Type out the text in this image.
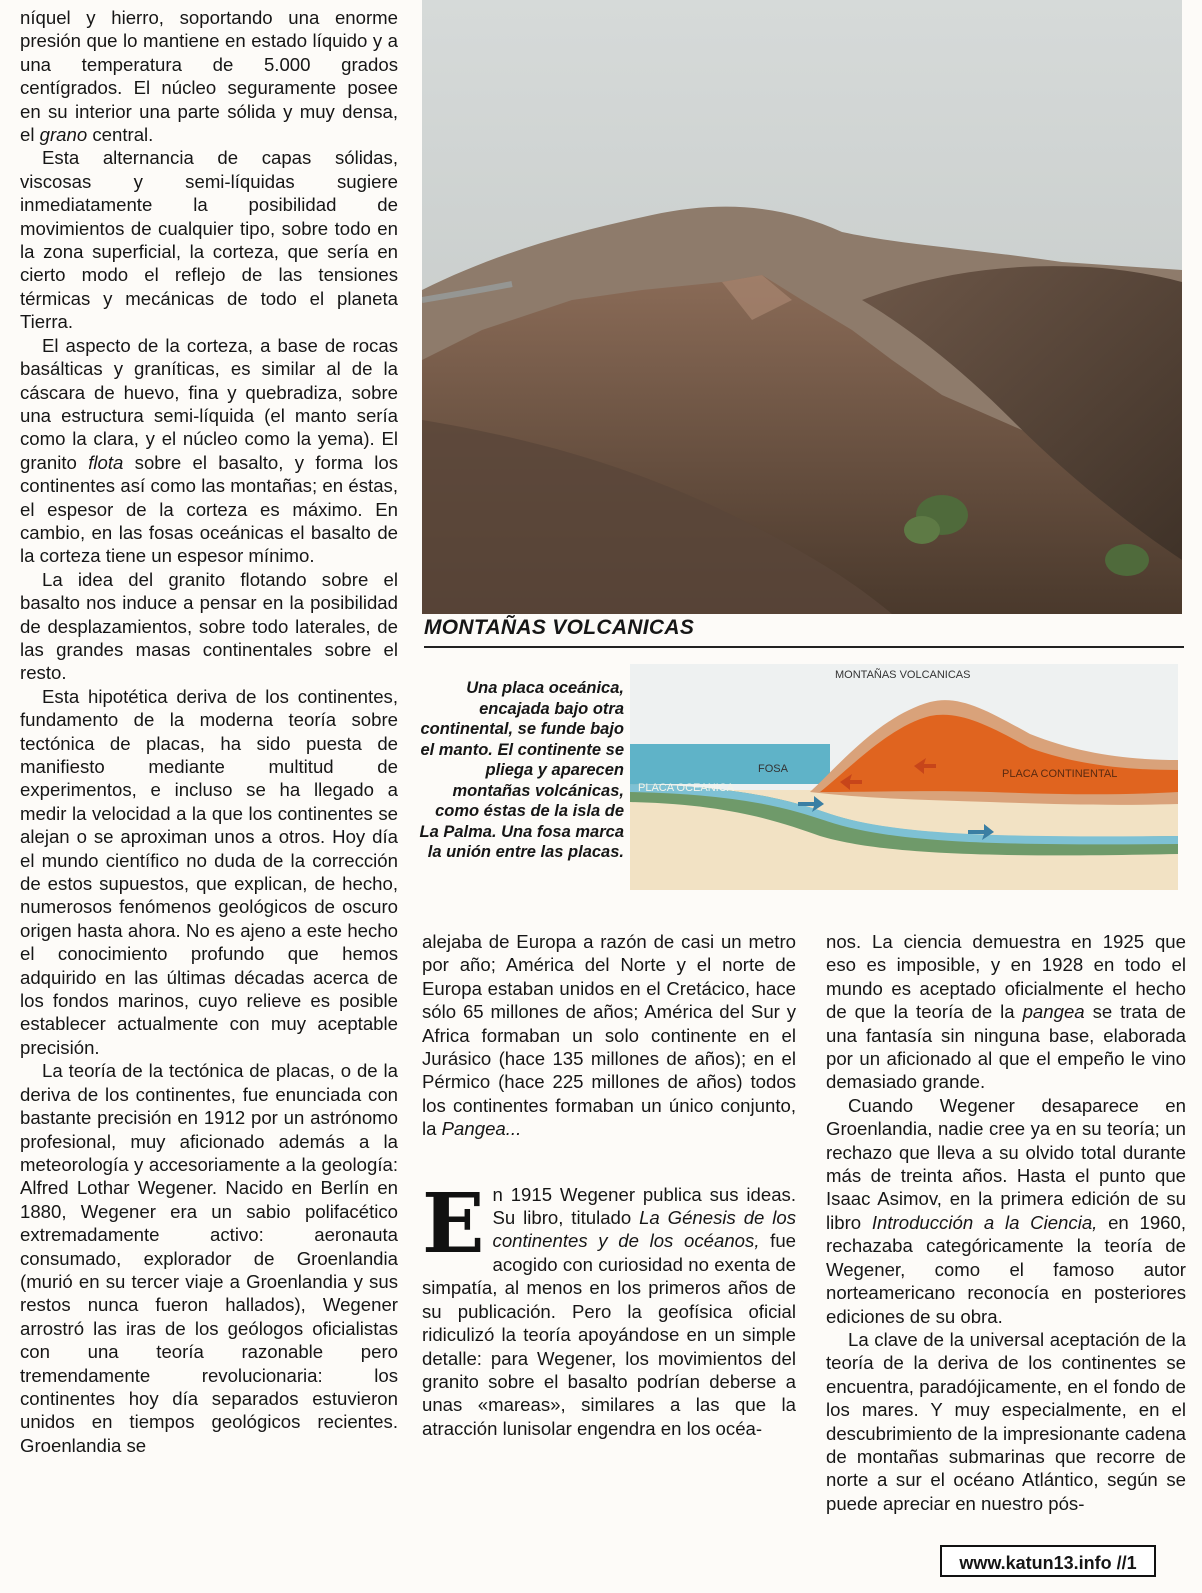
níquel y hierro, soportando una enorme presión que lo mantiene en estado líquido y a una temperatura de 5.000 grados centígrados. El núcleo seguramente posee en su interior una parte sólida y muy densa, el grano central.

Esta alternancia de capas sólidas, viscosas y semi-líquidas sugiere inmediatamente la posibilidad de movimientos de cualquier tipo, sobre todo en la zona superficial, la corteza, que sería en cierto modo el reflejo de las tensiones térmicas y mecánicas de todo el planeta Tierra.

El aspecto de la corteza, a base de rocas basálticas y graníticas, es similar al de la cáscara de huevo, fina y quebradiza, sobre una estructura semi-líquida (el manto sería como la clara, y el núcleo como la yema). El granito flota sobre el basalto, y forma los continentes así como las montañas; en éstas, el espesor de la corteza es máximo. En cambio, en las fosas oceánicas el basalto de la corteza tiene un espesor mínimo.

La idea del granito flotando sobre el basalto nos induce a pensar en la posibilidad de desplazamientos, sobre todo laterales, de las grandes masas continentales sobre el resto.

Esta hipotética deriva de los continentes, fundamento de la moderna teoría sobre tectónica de placas, ha sido puesta de manifiesto mediante multitud de experimentos, e incluso se ha llegado a medir la velocidad a la que los continentes se alejan o se aproximan unos a otros. Hoy día el mundo científico no duda de la corrección de estos supuestos, que explican, de hecho, numerosos fenómenos geológicos de oscuro origen hasta ahora. No es ajeno a este hecho el conocimiento profundo que hemos adquirido en las últimas décadas acerca de los fondos marinos, cuyo relieve es posible establecer actualmente con muy aceptable precisión.

La teoría de la tectónica de placas, o de la deriva de los continentes, fue enunciada con bastante precisión en 1912 por un astrónomo profesional, muy aficionado además a la meteorología y accesoriamente a la geología: Alfred Lothar Wegener. Nacido en Berlín en 1880, Wegener era un sabio polifacético extremadamente activo: aeronauta consumado, explorador de Groenlandia (murió en su tercer viaje a Groenlandia y sus restos nunca fueron hallados), Wegener arrostró las iras de los geólogos oficialistas con una teoría razonable pero tremendamente revolucionaria: los continentes hoy día separados estuvieron unidos en tiempos geológicos recientes. Groenlandia se

MONTAÑAS VOLCANICAS
Una placa oceánica, encajada bajo otra continental, se funde bajo el manto. El continente se pliega y aparecen montañas volcánicas, como éstas de la isla de La Palma. Una fosa marca la unión entre las placas.
MONTAÑAS VOLCANICAS
FOSA
PLACA OCEANICA
PLACA CONTINENTAL

alejaba de Europa a razón de casi un metro por año; América del Norte y el norte de Europa estaban unidos en el Cretácico, hace sólo 65 millones de años; América del Sur y Africa formaban un solo continente en el Jurásico (hace 135 millones de años); en el Pérmico (hace 225 millones de años) todos los continentes formaban un único conjunto, la Pangea...

En 1915 Wegener publica sus ideas. Su libro, titulado La Génesis de los continentes y de los océanos, fue acogido con curiosidad no exenta de simpatía, al menos en los primeros años de su publicación. Pero la geofísica oficial ridiculizó la teoría apoyándose en un simple detalle: para Wegener, los movimientos del granito sobre el basalto podrían deberse a unas «mareas», similares a las que la atracción lunisolar engendra en los océa-

nos. La ciencia demuestra en 1925 que eso es imposible, y en 1928 en todo el mundo es aceptado oficialmente el hecho de que la teoría de la pangea se trata de una fantasía sin ninguna base, elaborada por un aficionado al que el empeño le vino demasiado grande.

Cuando Wegener desaparece en Groenlandia, nadie cree ya en su teoría; un rechazo que lleva a su olvido total durante más de treinta años. Hasta el punto que Isaac Asimov, en la primera edición de su libro Introducción a la Ciencia, en 1960, rechazaba categóricamente la teoría de Wegener, como el famoso autor norteamericano reconocía en posteriores ediciones de su obra.

La clave de la universal aceptación de la teoría de la deriva de los continentes se encuentra, paradójicamente, en el fondo de los mares. Y muy especialmente, en el descubrimiento de la impresionante cadena de montañas submarinas que recorre de norte a sur el océano Atlántico, según se puede apreciar en nuestro pós-

www.katun13.info //1
